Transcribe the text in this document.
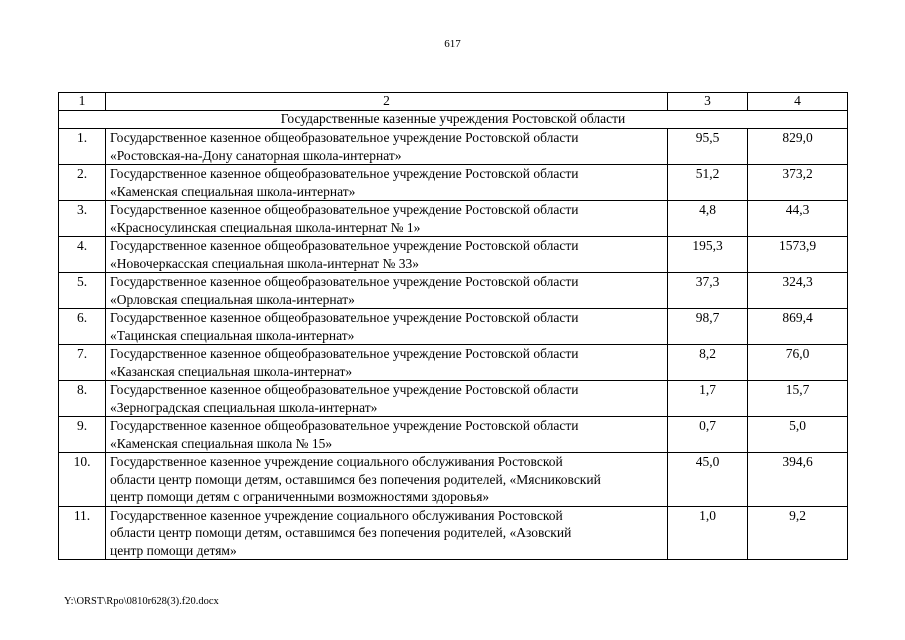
617
1	2	3	4
Государственные казенные учреждения Ростовской области			
1.	Государственное казенное общеобразовательное учреждение Ростовской области
«Ростовская-на-Дону санаторная школа-интернат»	95,5	829,0
2.	Государственное казенное общеобразовательное учреждение Ростовской области
«Каменская специальная школа-интернат»	51,2	373,2
3.	Государственное казенное общеобразовательное учреждение Ростовской области
«Красносулинская специальная школа-интернат № 1»	4,8	44,3
4.	Государственное казенное общеобразовательное учреждение Ростовской области
«Новочеркасская специальная школа-интернат № 33»	195,3	1573,9
5.	Государственное казенное общеобразовательное учреждение Ростовской области
«Орловская специальная школа-интернат»	37,3	324,3
6.	Государственное казенное общеобразовательное учреждение Ростовской области
«Тацинская специальная школа-интернат»	98,7	869,4
7.	Государственное казенное общеобразовательное учреждение Ростовской области
«Казанская специальная школа-интернат»	8,2	76,0
8.	Государственное казенное общеобразовательное учреждение Ростовской области
«Зерноградская специальная школа-интернат»	1,7	15,7
9.	Государственное казенное общеобразовательное учреждение Ростовской области
«Каменская специальная школа № 15»	0,7	5,0
10.	Государственное казенное учреждение социального обслуживания Ростовской
области центр помощи детям, оставшимся без попечения родителей, «Мясниковский
центр помощи детям с ограниченными возможностями здоровья»	45,0	394,6
11.	Государственное казенное учреждение социального обслуживания Ростовской
области центр помощи детям, оставшимся без попечения родителей, «Азовский
центр помощи детям»	1,0	9,2
Y:\ORST\Rpo\0810r628(3).f20.docx
